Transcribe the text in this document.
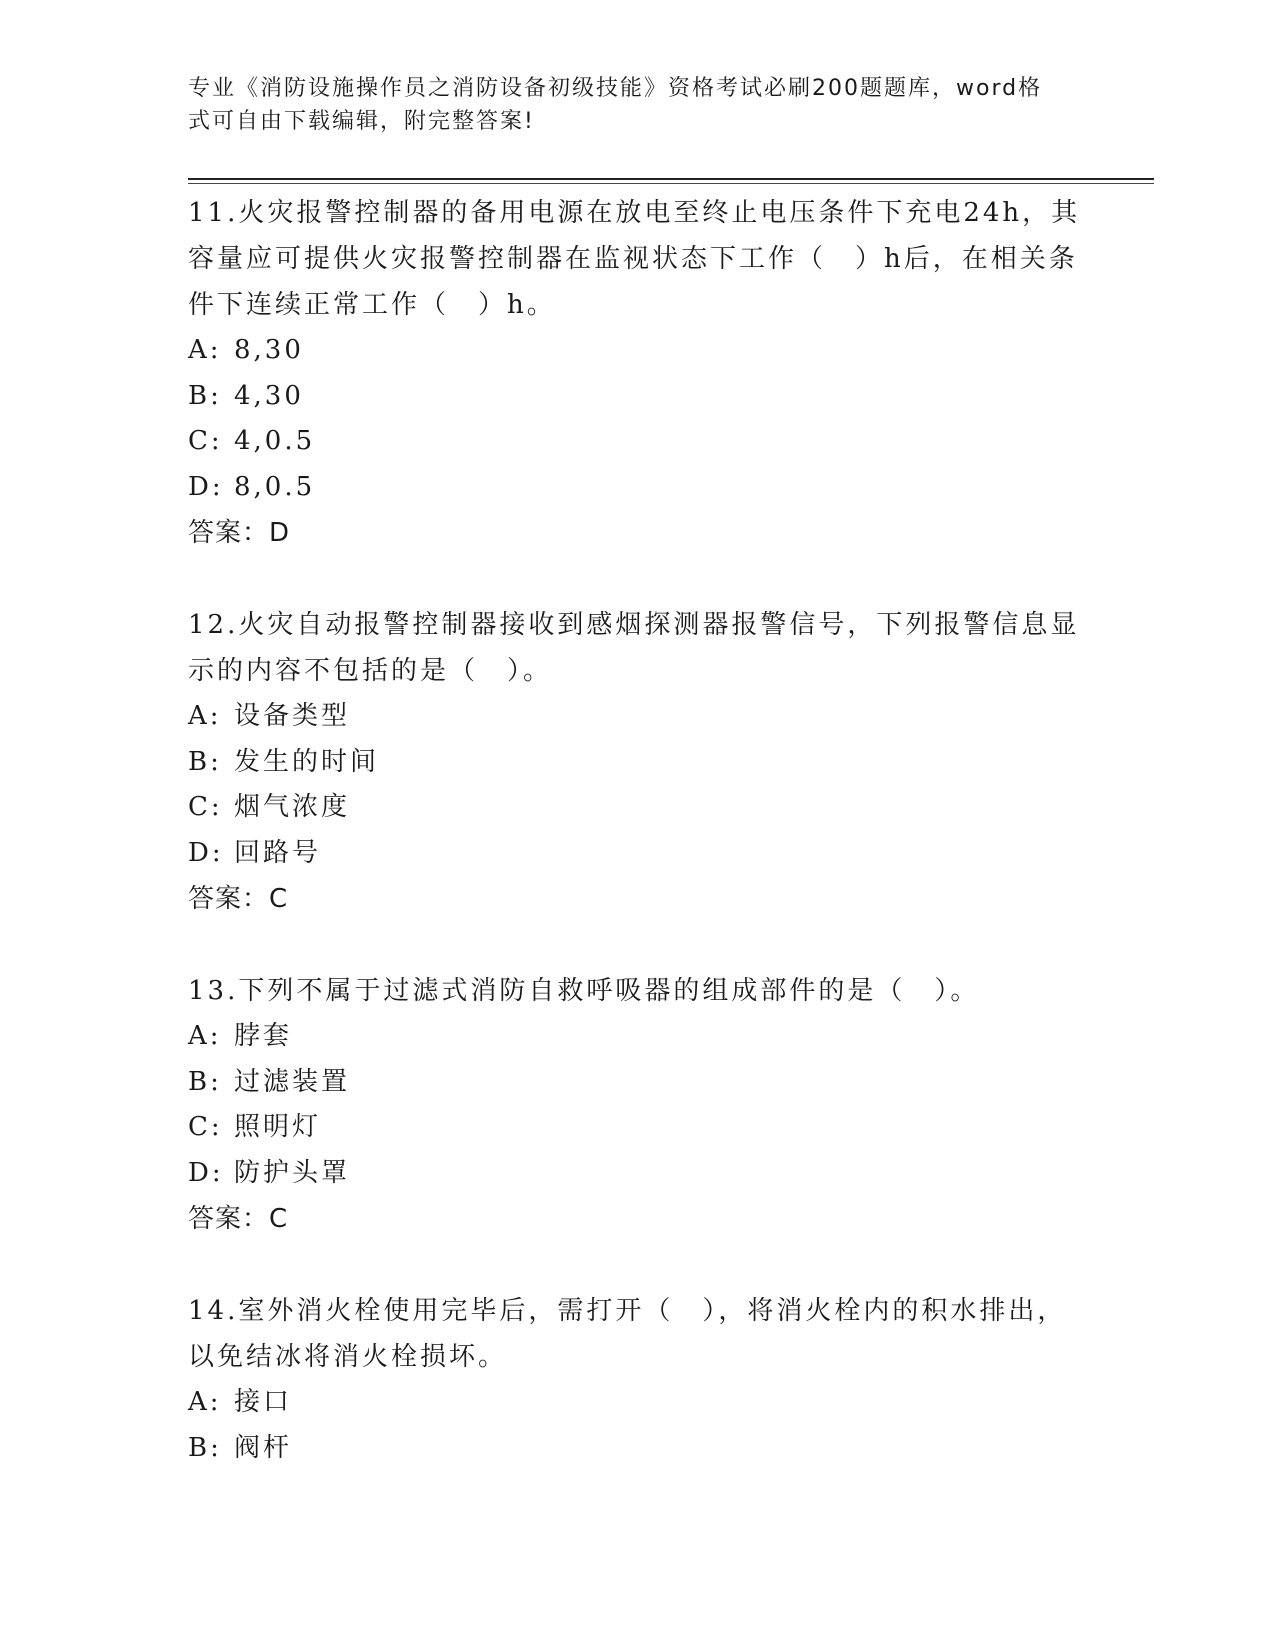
专业《消防设施操作员之消防设备初级技能》资格考试必刷200题题库，word格
式可自由下载编辑，附完整答案!

11.火灾报警控制器的备用电源在放电至终止电压条件下充电24h，其

容量应可提供火灾报警控制器在监视状态下工作（　）h后，在相关条

件下连续正常工作（　）h。

A: 8,30

B: 4,30

C: 4,0.5

D: 8,0.5

答案：D

12.火灾自动报警控制器接收到感烟探测器报警信号，下列报警信息显

示的内容不包括的是（　）。

A: 设备类型

B: 发生的时间

C: 烟气浓度

D: 回路号

答案：C

13.下列不属于过滤式消防自救呼吸器的组成部件的是（　）。

A: 脖套

B: 过滤装置

C: 照明灯

D: 防护头罩

答案：C

14.室外消火栓使用完毕后，需打开（　），将消火栓内的积水排出，

以免结冰将消火栓损坏。

A: 接口

B: 阀杆
